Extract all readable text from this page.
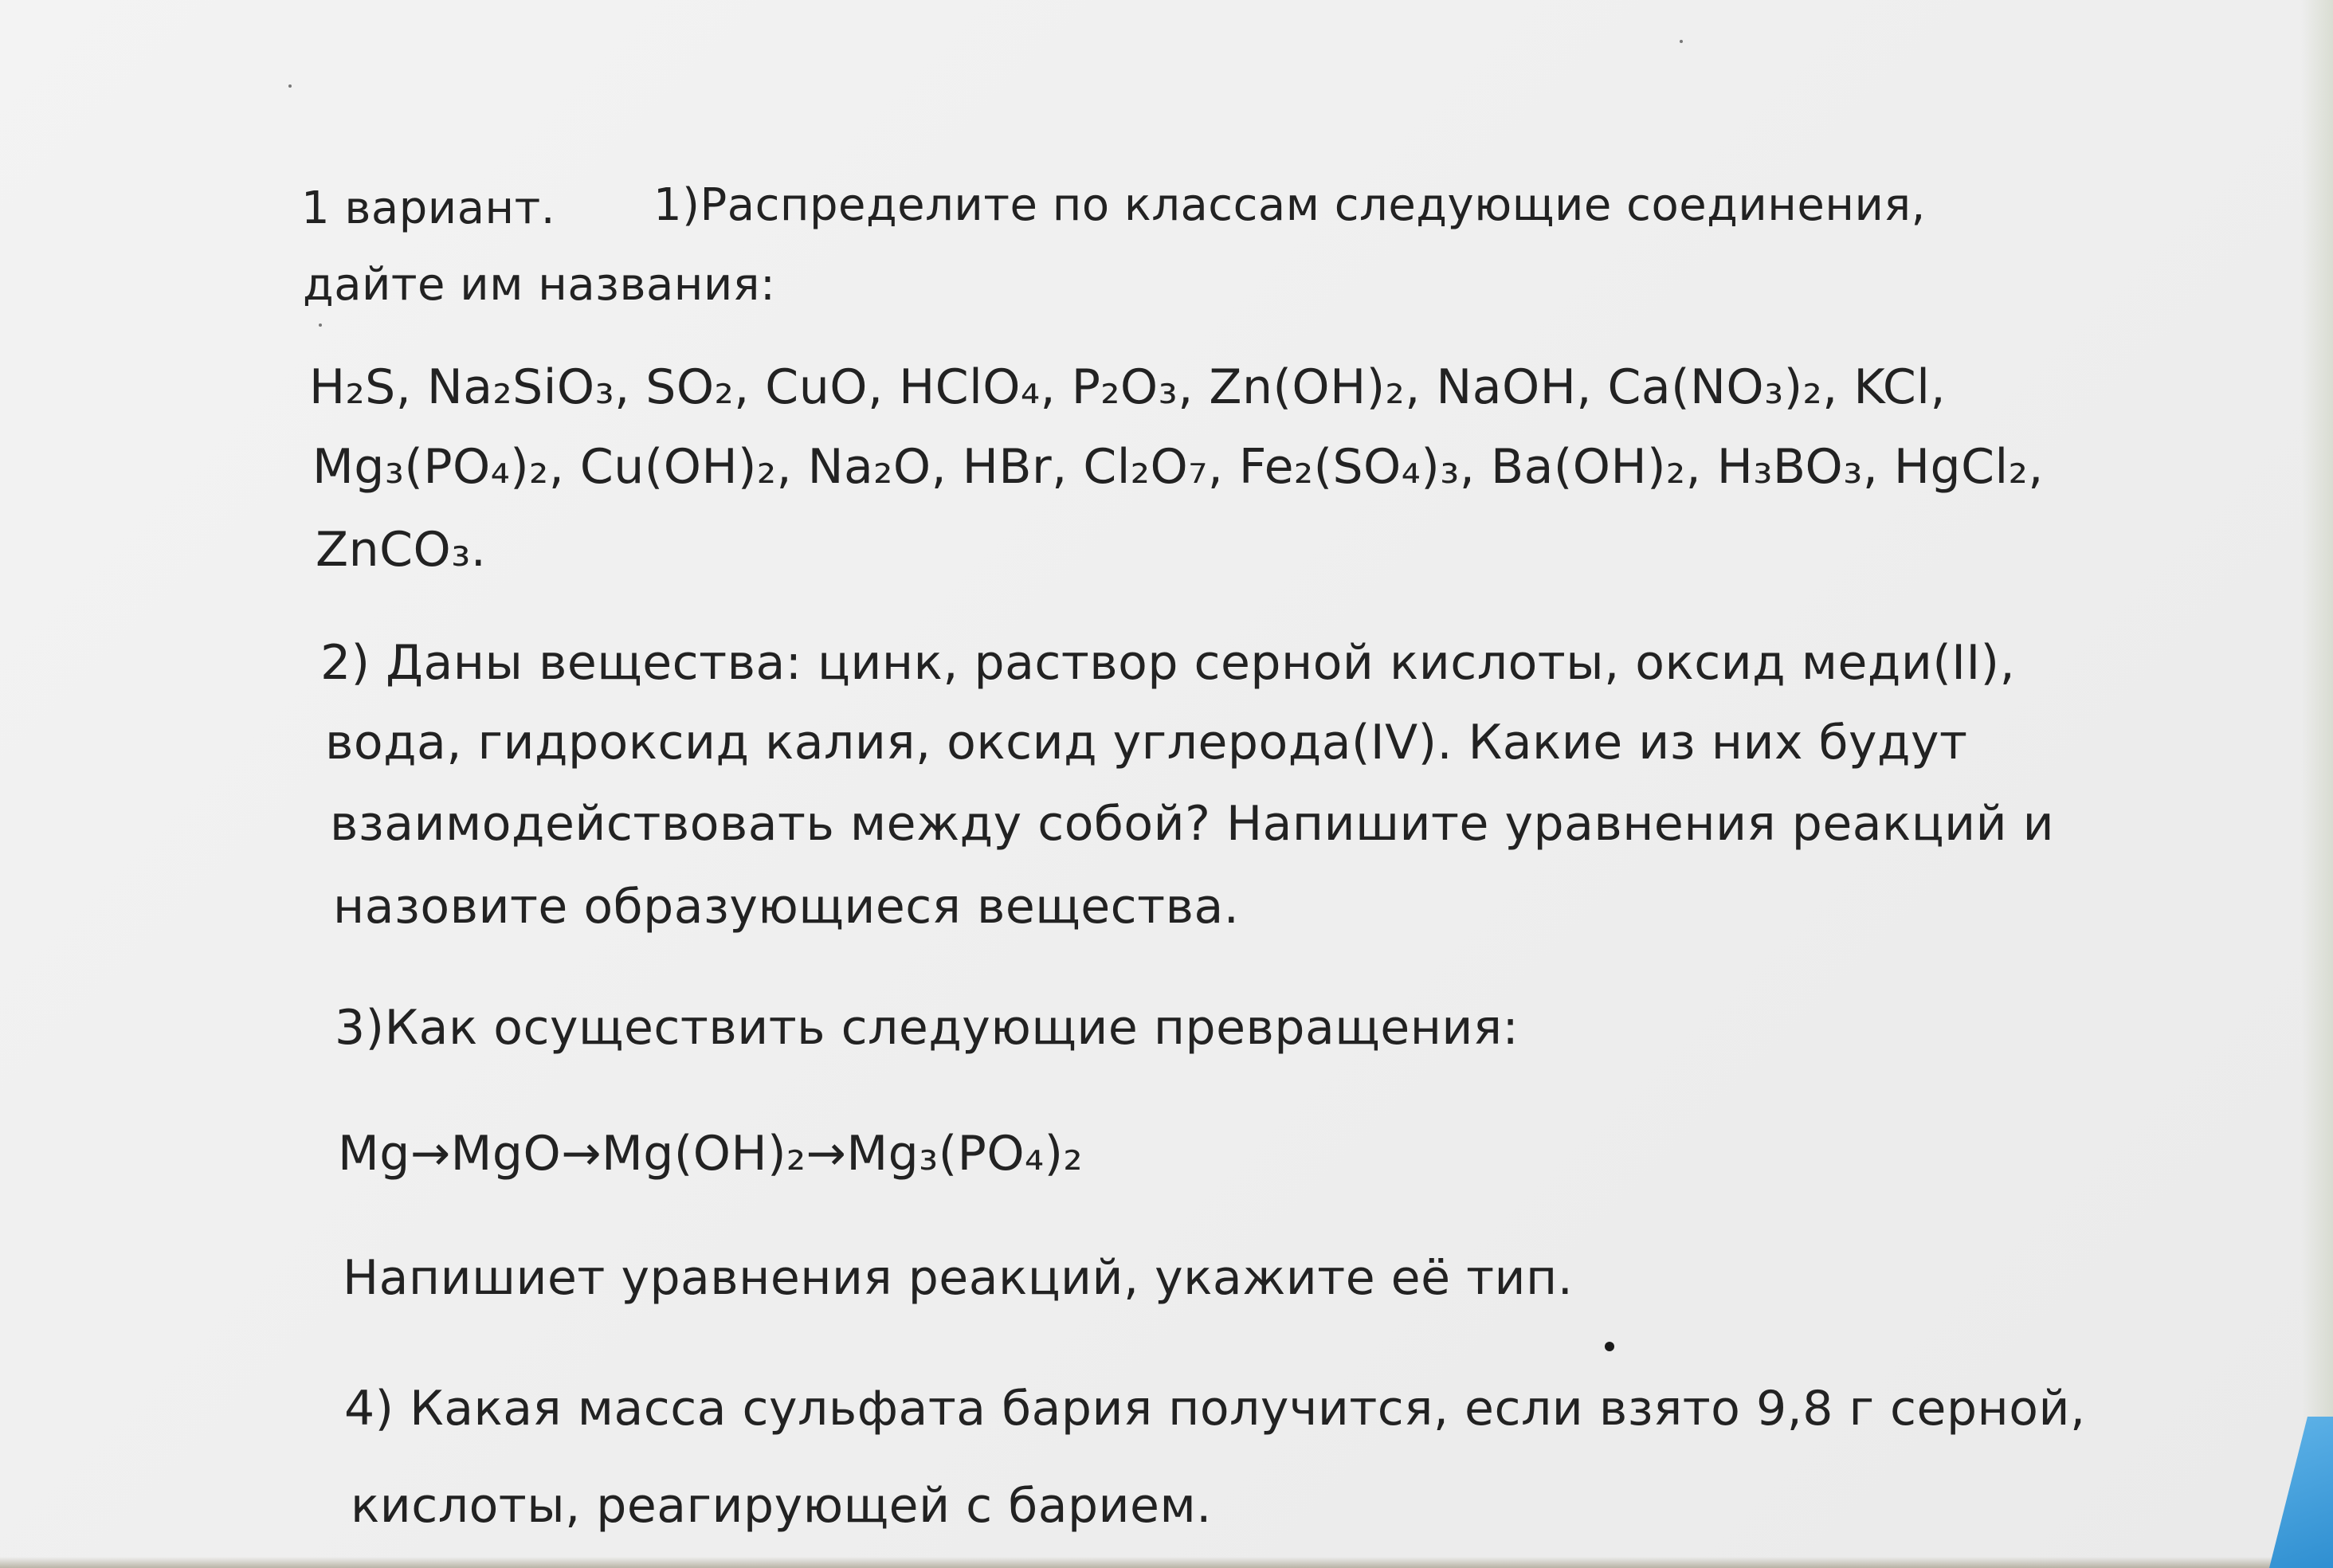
1 вариант. 1)Распределите по классам следующие соединения,
дайте им названия:
H₂S, Na₂SiO₃, SO₂, CuO, HClO₄, P₂O₃, Zn(OH)₂, NaOH, Ca(NO₃)₂, KCl,
Mg₃(PO₄)₂, Cu(OH)₂, Na₂O, HBr, Cl₂O₇, Fe₂(SO₄)₃, Ba(OH)₂, H₃BO₃, HgCl₂,
ZnCO₃.
2) Даны вещества: цинк, раствор серной кислоты, оксид меди(II),
вода, гидроксид калия, оксид углерода(IV). Какие из них будут
взаимодействовать между собой? Напишите уравнения реакций и
назовите образующиеся вещества.
3)Как осуществить следующие превращения:
Mg→MgO→Mg(OH)₂→Mg₃(PO₄)₂
Напишиет уравнения реакций, укажите её тип.
4) Какая масса сульфата бария получится, если взято 9,8 г серной,
кислоты, реагирующей с барием.
